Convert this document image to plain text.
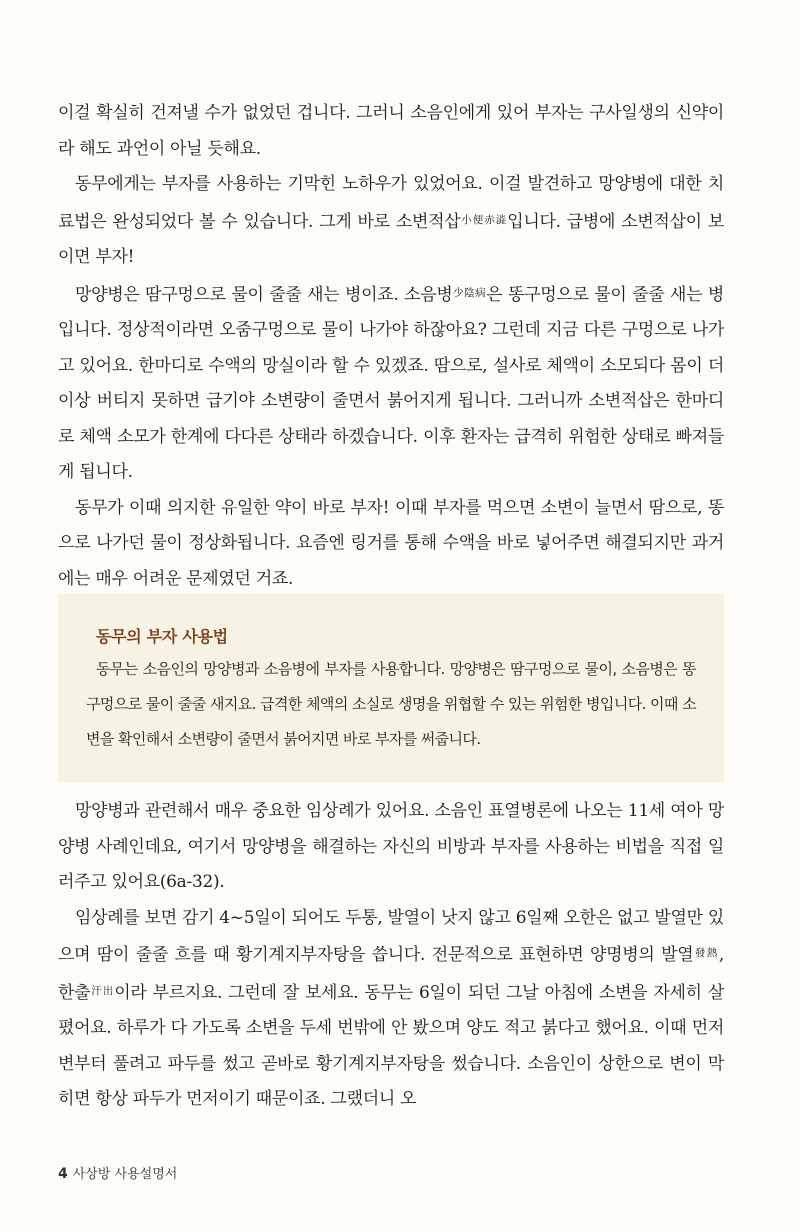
이걸 확실히 건져낼 수가 없었던 겁니다. 그러니 소음인에게 있어 부자는 구사일생의 신약이라 해도 과언이 아닐 듯해요.

동무에게는 부자를 사용하는 기막힌 노하우가 있었어요. 이걸 발견하고 망양병에 대한 치료법은 완성되었다 볼 수 있습니다. 그게 바로 소변적삽$^{小便赤澁}$입니다. 급병에 소변적삽이 보이면 부자!

망양병은 땀구멍으로 물이 줄줄 새는 병이죠. 소음병$^{少陰病}$은 똥구멍으로 물이 줄줄 새는 병입니다. 정상적이라면 오줌구멍으로 물이 나가야 하잖아요? 그런데 지금 다른 구멍으로 나가고 있어요. 한마디로 수액의 망실이라 할 수 있겠죠. 땀으로, 설사로 체액이 소모되다 몸이 더 이상 버티지 못하면 급기야 소변량이 줄면서 붉어지게 됩니다. 그러니까 소변적삽은 한마디로 체액 소모가 한계에 다다른 상태라 하겠습니다. 이후 환자는 급격히 위험한 상태로 빠져들게 됩니다.

동무가 이때 의지한 유일한 약이 바로 부자! 이때 부자를 먹으면 소변이 늘면서 땀으로, 똥으로 나가던 물이 정상화됩니다. 요즘엔 링거를 통해 수액을 바로 넣어주면 해결되지만 과거에는 매우 어려운 문제였던 거죠.

동무의 부자 사용법

동무는 소음인의 망양병과 소음병에 부자를 사용합니다. 망양병은 땀구멍으로 물이, 소음병은 똥구멍으로 물이 줄줄 새지요. 급격한 체액의 소실로 생명을 위협할 수 있는 위험한 병입니다. 이때 소변을 확인해서 소변량이 줄면서 붉어지면 바로 부자를 써줍니다.

망양병과 관련해서 매우 중요한 임상례가 있어요. 소음인 표열병론에 나오는 11세 여아 망양병 사례인데요, 여기서 망양병을 해결하는 자신의 비방과 부자를 사용하는 비법을 직접 일러주고 있어요(6a-32).

임상례를 보면 감기 4~5일이 되어도 두통, 발열이 낫지 않고 6일째 오한은 없고 발열만 있으며 땀이 줄줄 흐를 때 황기계지부자탕을 씁니다. 전문적으로 표현하면 양명병의 발열$^{發熱}$, 한출$^{汗出}$이라 부르지요. 그런데 잘 보세요. 동무는 6일이 되던 그날 아침에 소변을 자세히 살폈어요. 하루가 다 가도록 소변을 두세 번밖에 안 봤으며 양도 적고 붉다고 했어요. 이때 먼저 변부터 풀려고 파두를 썼고 곧바로 황기계지부자탕을 썼습니다. 소음인이 상한으로 변이 막히면 항상 파두가 먼저이기 때문이죠. 그랬더니 오

4 사상방 사용설명서
